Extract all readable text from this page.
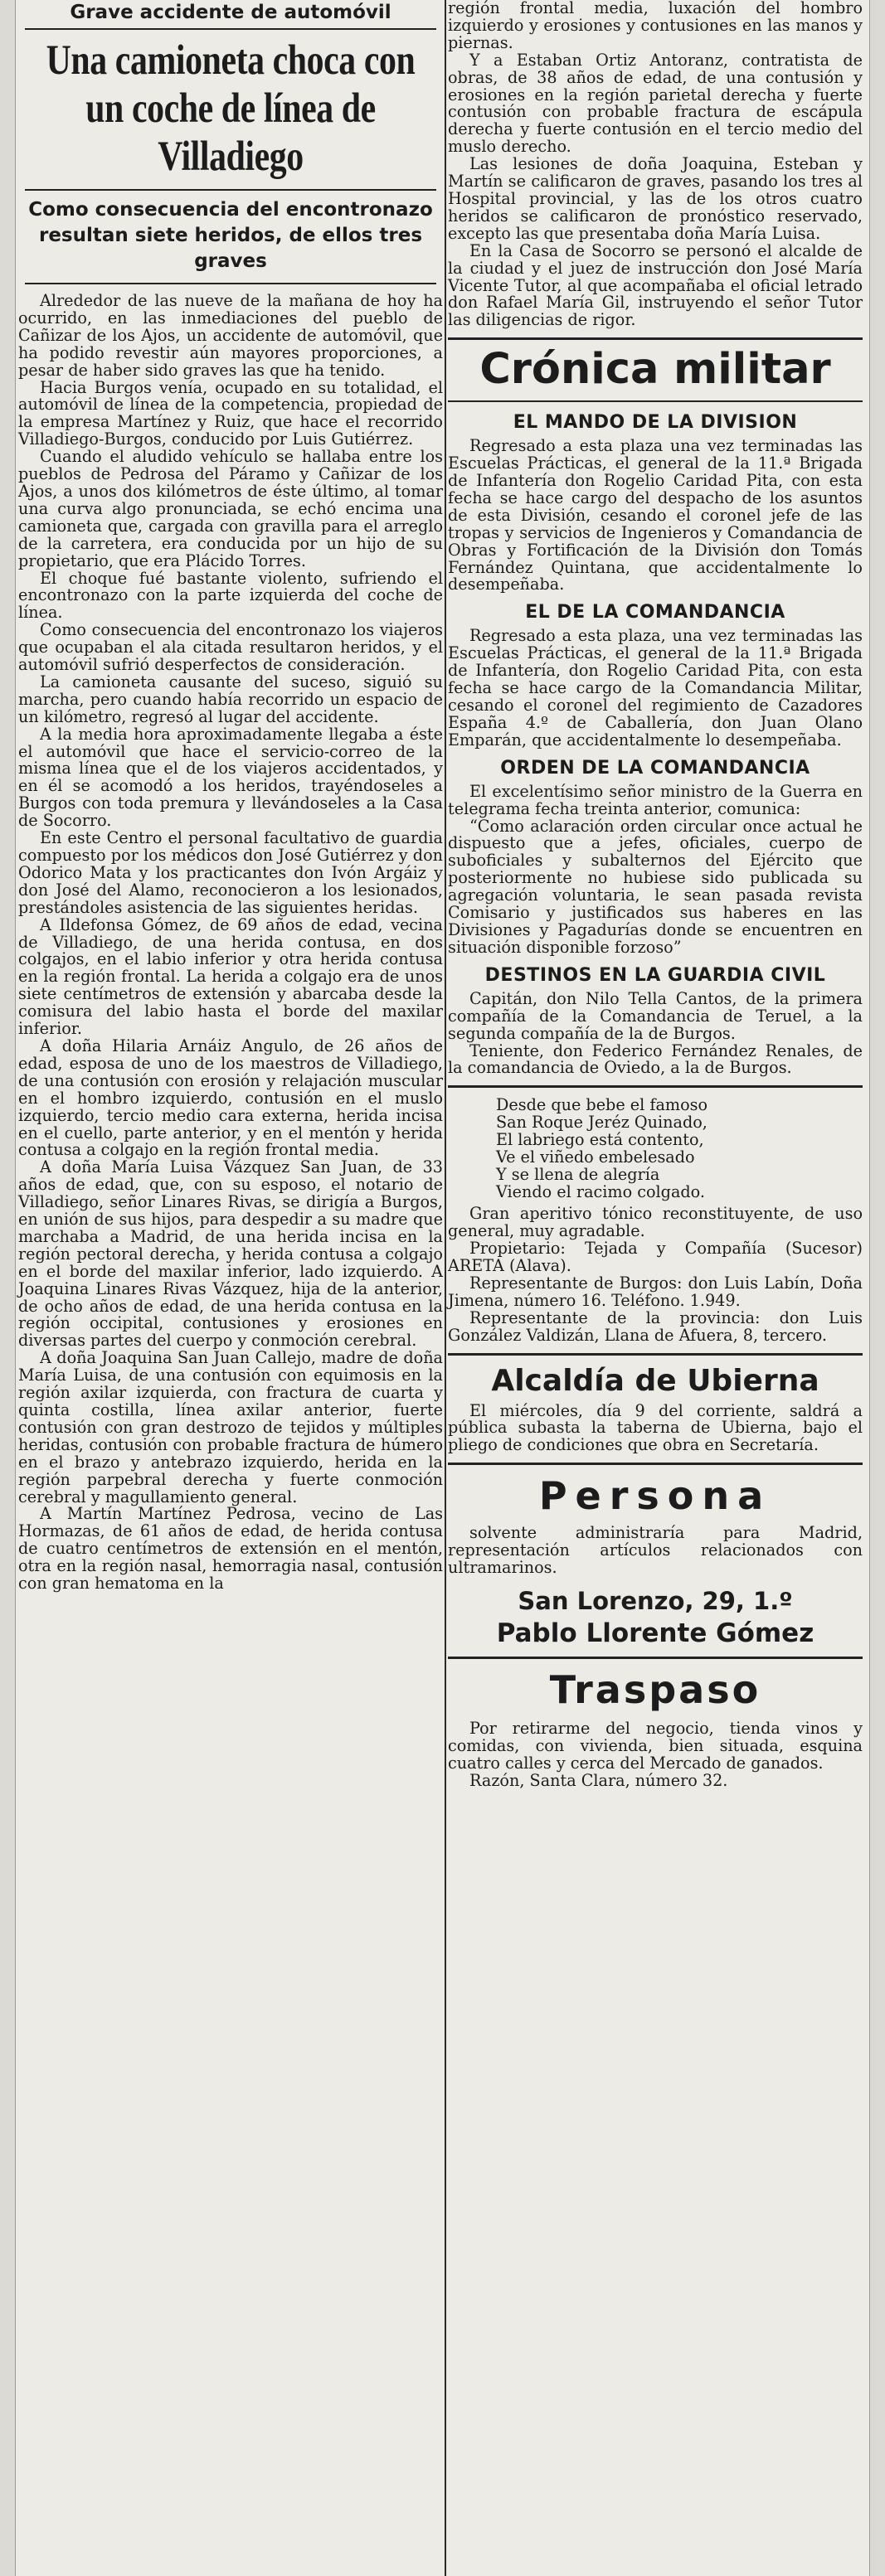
Grave accidente de automóvil
Una camioneta choca con un coche de línea de Villadiego
Como consecuencia del encontronazo resultan siete heridos, de ellos tres graves

Alrededor de las nueve de la mañana de hoy ha ocurrido, en las inmediaciones del pueblo de Cañizar de los Ajos, un accidente de automóvil, que ha podido revestir aún mayores proporciones, a pesar de haber sido graves las que ha tenido.

Hacia Burgos venía, ocupado en su totalidad, el automóvil de línea de la competencia, propiedad de la empresa Martínez y Ruiz, que hace el recorrido Villadiego-Burgos, conducido por Luis Gutiérrez.

Cuando el aludido vehículo se hallaba entre los pueblos de Pedrosa del Páramo y Cañizar de los Ajos, a unos dos kilómetros de éste último, al tomar una curva algo pronunciada, se echó encima una camioneta que, cargada con gravilla para el arreglo de la carretera, era conducida por un hijo de su propietario, que era Plácido Torres.

El choque fué bastante violento, sufriendo el encontronazo con la parte izquierda del coche de línea.

Como consecuencia del encontronazo los viajeros que ocupaban el ala citada resultaron heridos, y el automóvil sufrió desperfectos de consideración.

La camioneta causante del suceso, siguió su marcha, pero cuando había recorrido un espacio de un kilómetro, regresó al lugar del accidente.

A la media hora aproximadamente llegaba a éste el automóvil que hace el servicio-correo de la misma línea que el de los viajeros accidentados, y en él se acomodó a los heridos, trayéndoseles a Burgos con toda premura y llevándoseles a la Casa de Socorro.

En este Centro el personal facultativo de guardia compuesto por los médicos don José Gutiérrez y don Odorico Mata y los practicantes don Ivón Argáiz y don José del Alamo, reconocieron a los lesionados, prestándoles asistencia de las siguientes heridas.

A Ildefonsa Gómez, de 69 años de edad, vecina de Villadiego, de una herida contusa, en dos colgajos, en el labio inferior y otra herida contusa en la región frontal. La herida a colgajo era de unos siete centímetros de extensión y abarcaba desde la comisura del labio hasta el borde del maxilar inferior.

A doña Hilaria Arnáiz Angulo, de 26 años de edad, esposa de uno de los maestros de Villadiego, de una contusión con erosión y relajación muscular en el hombro izquierdo, contusión en el muslo izquierdo, tercio medio cara externa, herida incisa en el cuello, parte anterior, y en el mentón y herida contusa a colgajo en la región frontal media.

A doña María Luisa Vázquez San Juan, de 33 años de edad, que, con su esposo, el notario de Villadiego, señor Linares Rivas, se dirigía a Burgos, en unión de sus hijos, para despedir a su madre que marchaba a Madrid, de una herida incisa en la región pectoral derecha, y herida contusa a colgajo en el borde del maxilar inferior, lado izquierdo. A Joaquina Linares Rivas Vázquez, hija de la anterior, de ocho años de edad, de una herida contusa en la región occipital, contusiones y erosiones en diversas partes del cuerpo y conmoción cerebral.

A doña Joaquina San Juan Callejo, madre de doña María Luisa, de una contusión con equimosis en la región axilar izquierda, con fractura de cuarta y quinta costilla, línea axilar anterior, fuerte contusión con gran destrozo de tejidos y múltiples heridas, contusión con probable fractura de húmero en el brazo y antebrazo izquierdo, herida en la región parpebral derecha y fuerte conmoción cerebral y magullamiento general.

A Martín Martínez Pedrosa, vecino de Las Hormazas, de 61 años de edad, de herida contusa de cuatro centímetros de extensión en el mentón, otra en la región nasal, hemorragia nasal, contusión con gran hematoma en la

región frontal media, luxación del hombro izquierdo y erosiones y contusiones en las manos y piernas.

Y a Estaban Ortiz Antoranz, contratista de obras, de 38 años de edad, de una contusión y erosiones en la región parietal derecha y fuerte contusión con probable fractura de escápula derecha y fuerte contusión en el tercio medio del muslo derecho.

Las lesiones de doña Joaquina, Esteban y Martín se calificaron de graves, pasando los tres al Hospital provincial, y las de los otros cuatro heridos se calificaron de pronóstico reservado, excepto las que presentaba doña María Luisa.

En la Casa de Socorro se personó el alcalde de la ciudad y el juez de instrucción don José María Vicente Tutor, al que acompañaba el oficial letrado don Rafael María Gil, instruyendo el señor Tutor las diligencias de rigor.

Crónica militar
EL MANDO DE LA DIVISION

Regresado a esta plaza una vez terminadas las Escuelas Prácticas, el general de la 11.ª Brigada de Infantería don Rogelio Caridad Pita, con esta fecha se hace cargo del despacho de los asuntos de esta División, cesando el coronel jefe de las tropas y servicios de Ingenieros y Comandancia de Obras y Fortificación de la División don Tomás Fernández Quintana, que accidentalmente lo desempeñaba.

EL DE LA COMANDANCIA

Regresado a esta plaza, una vez terminadas las Escuelas Prácticas, el general de la 11.ª Brigada de Infantería, don Rogelio Caridad Pita, con esta fecha se hace cargo de la Comandancia Militar, cesando el coronel del regimiento de Cazadores España 4.º de Caballería, don Juan Olano Emparán, que accidentalmente lo desempeñaba.

ORDEN DE LA COMANDANCIA

El excelentísimo señor ministro de la Guerra en telegrama fecha treinta anterior, comunica:

“Como aclaración orden circular once actual he dispuesto que a jefes, oficiales, cuerpo de suboficiales y subalternos del Ejército que posteriormente no hubiese sido publicada su agregación voluntaria, le sean pasada revista Comisario y justificados sus haberes en las Divisiones y Pagadurías donde se encuentren en situación disponible forzoso”

DESTINOS EN LA GUARDIA CIVIL

Capitán, don Nilo Tella Cantos, de la primera compañía de la Comandancia de Teruel, a la segunda compañía de la de Burgos.

Teniente, don Federico Fernández Renales, de la comandancia de Oviedo, a la de Burgos.

Desde que bebe el famoso
San Roque Jeréz Quinado,
El labriego está contento,
Ve el viñedo embelesado
Y se llena de alegría
Viendo el racimo colgado.

Gran aperitivo tónico reconstituyente, de uso general, muy agradable.

Propietario: Tejada y Compañía (Sucesor) ARETA (Alava).

Representante de Burgos: don Luis Labín, Doña Jimena, número 16. Teléfono. 1.949.

Representante de la provincia: don Luis González Valdizán, Llana de Afuera, 8, tercero.

Alcaldía de Ubierna

El miércoles, día 9 del corriente, saldrá a pública subasta la taberna de Ubierna, bajo el pliego de condiciones que obra en Secretaría.

Persona

solvente administraría para Madrid, representación artículos relacionados con ultramarinos.

San Lorenzo, 29, 1.º
Pablo Llorente Gómez
Traspaso

Por retirarme del negocio, tienda vinos y comidas, con vivienda, bien situada, esquina cuatro calles y cerca del Mercado de ganados.

Razón, Santa Clara, número 32.
